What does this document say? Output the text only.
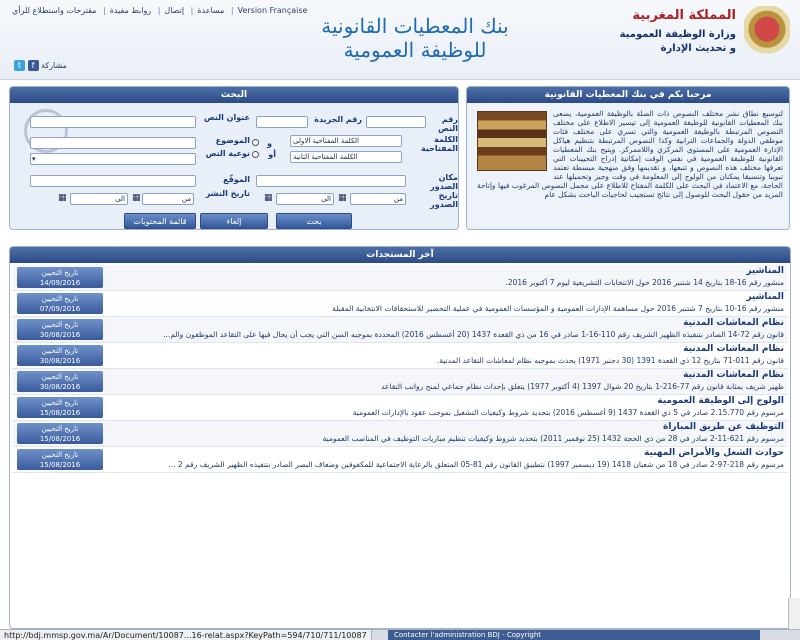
Version Française| مساعدة| إتصال| روابط مفيدة| مقترحات واستطلاع للرأي
t f مشاركة
بنك المعطيات القانونية
للوظيفة العمومية
المملكة المغربية
وزارة الوظيفة العمومية
و تحديث الإدارة
البحث
رقم النص
رقم الجريدة
عنوان النص
الكلمة المفتاحية
الكلمة المفتاحية الاولى
الكلمة المفتاحية الثانية
و
أو
الموضوع
نوعية النص
▾
مكان الصدور
الموقّع
تاريخ الصدور
من
▦
الى
▦
تاريخ النشر
من
▦
الى
▦
بحث
إلغاء
قائمة المحتويات
مرحبا بكم في بنك المعطيات القانونية
لتوسيع نطاق نشر مختلف النصوص ذات الصلة بالوظيفة العمومية، يسعى بنك المعطيات القانونية للوظيفة العمومية إلى تيسير الاطلاع على مختلف النصوص المرتبطة بالوظيفة العمومية والتي تسري على مختلف فئات موظفي الدولة والجماعات الترابية وكذا النصوص المرتبطة بتنظيم هياكل الإدارة العمومية على المستوى المركزي واللاممركز. ويتيح بنك المعطيات القانونية للوظيفة العمومية في نفس الوقت إمكانية إدراج التحيينات التي تعرفها مختلف هذه النصوص و تتبعها، و تقديمها وفق منهجية مبسطة تعتمد تبويبا وتنسيقا يمكنان من الولوج إلى المعلومة في وقت وجيز وتحميلها عند الحاجة، مع الاعتماد في البحث على الكلمة المفتاح للاطلاع على مجمل النصوص المرغوب فيها وإتاحة المزيد من حقول البحث للوصول إلى نتائج تستجيب لحاجيات الباحث بشكل عام
آخر المستجدات
تاريخ التحيين
14/09/2016
المناشير
منشور رقم 16-18 بتاريخ 14 شتنبر 2016 حول الانتخابات التشريعية ليوم 7 أكتوبر 2016.
تاريخ التحيين
07/09/2016
المناشير
منشور رقم 16-10 بتاريخ 7 شتنبر 2016 حول مساهمة الإدارات العمومية و المؤسسات العمومية في عملية التحضير للاستحقاقات الانتخابية المقبلة
تاريخ التحيين
30/08/2016
نظام المعاشات المدنية
قانون رقم 72-14 الصادر بتنفيذه الظهير الشريف رقم 110-16-1 صادر في 16 من ذي القعدة 1437 (20 أغسطس 2016) المحددة بموجبه السن التي يجب أن يحال فيها على التقاعد الموظفون والم...
تاريخ التحيين
30/08/2016
نظام المعاشات المدنية
قانون رقم 011-71 بتاريخ 12 ذي القعدة 1391 (30 دجنبر 1971) يحدث بموجبه نظام لمعاشات التقاعد المدنية.
تاريخ التحيين
30/08/2016
نظام المعاشات المدنية
ظهير شريف بمثابة قانون رقم 77-216-1 بتاريخ 20 شوال 1397 (4 أكتوبر 1977) يتعلق بإحداث نظام جماعي لمنح رواتب التقاعد
تاريخ التحيين
15/08/2016
الولوج إلى الوظيفة العمومية
مرسوم رقم 2.15.770 صادر في 5 ذي القعدة 1437 (9 أغسطس 2016) بتحديد شروط وكيفيات التشغيل بموجب عقود بالإدارات العمومية
تاريخ التحيين
15/08/2016
التوظيف عن طريق المباراة
مرسوم رقم 621-11-2 صادر في 28 من ذي الحجة 1432 (25 نوفمبر 2011) بتحديد شروط وكيفيات تنظيم مباريات التوظيف في المناصب العمومية
تاريخ التحيين
15/08/2016
حوادث الشغل والأمراض المهنية
مرسوم رقم 218-97-2 صادر في 18 من شعبان 1418 (19 ديسمبر 1997) بتطبيق القانون رقم 81-05 المتعلق بالرعاية الاجتماعية للمكفوفين وضعاف البصر الصادر بتنفيذه الظهير الشريف رقم 2 ...
http://bdj.mmsp.gov.ma/Ar/Document/10087...16-relat.aspx?KeyPath=594/710/711/10087	Contacter l'administration BDJ - Copyright
